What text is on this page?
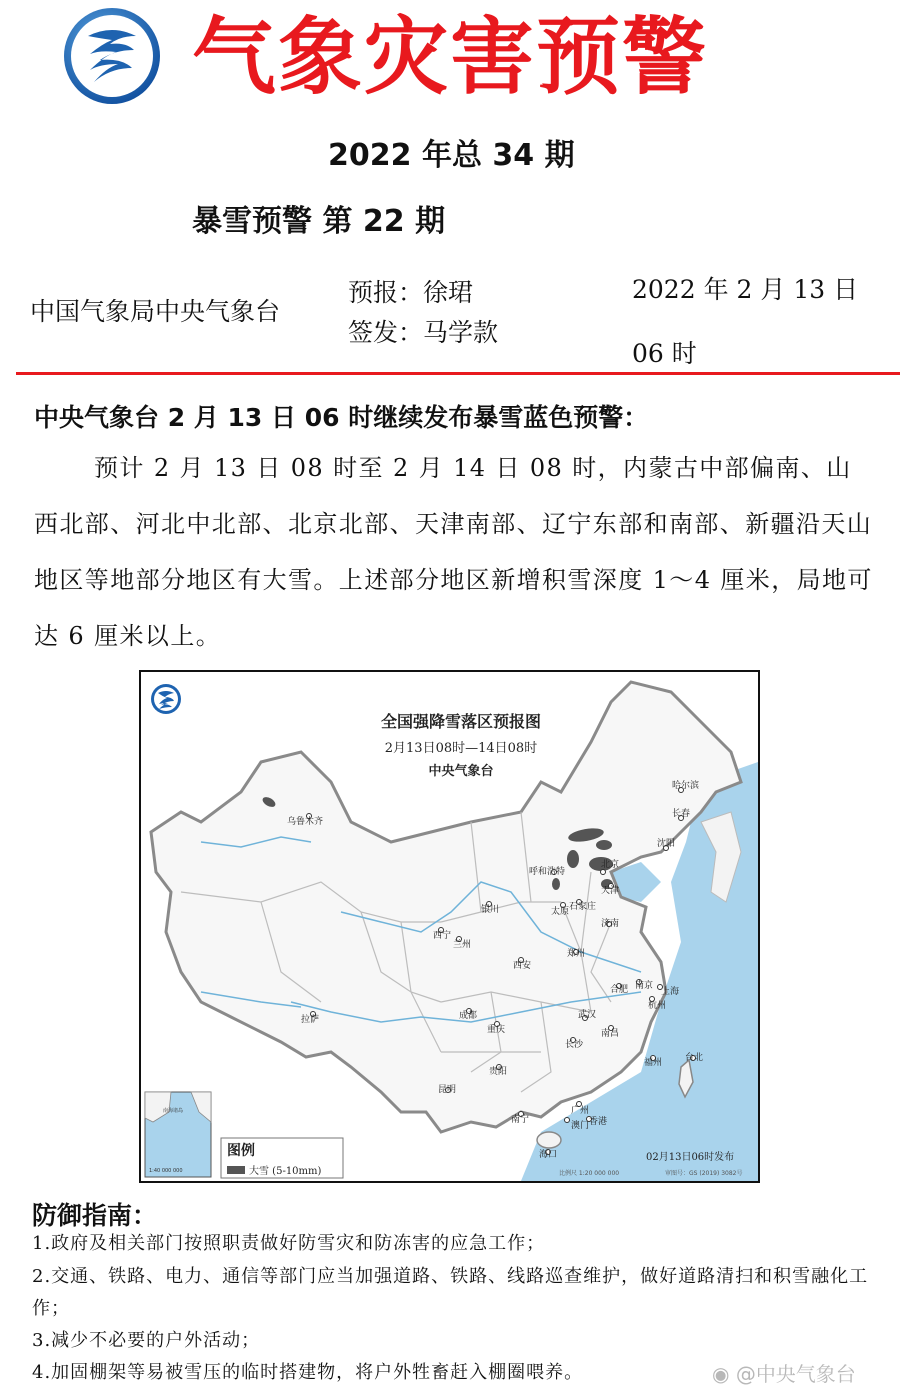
气象灾害预警
2022 年总 34 期
暴雪预警 第 22 期
中国气象局中央气象台
预报：徐珺
签发：马学款
2022 年 2 月 13 日 06 时
中央气象台 2 月 13 日 06 时继续发布暴雪蓝色预警：
预计 2 月 13 日 08 时至 2 月 14 日 08 时，内蒙古中部偏南、山西北部、河北中北部、北京北部、天津南部、辽宁东部和南部、新疆沿天山地区等地部分地区有大雪。上述部分地区新增积雪深度 1～4 厘米，局地可达 6 厘米以上。
乌鲁木齐
哈尔滨
长春
沈阳
呼和浩特
北京
天津
银川	太原 石家庄
济南
西宁
兰州
西安
郑州
合肥 南京
上海
杭州
拉萨	成都
重庆
武汉
南昌
长沙
福州	台北
贵阳
昆明
南宁
广州
澳门 香港
海口
全国强降雪落区预报图
2月13日08时—14日08时
中央气象台
南海诸岛
1:40 000 000
图例
大雪 (5-10mm)
02月13日06时发布
比例尺 1:20 000 000	审图号：GS (2019) 3082号
防御指南：
1.政府及相关部门按照职责做好防雪灾和防冻害的应急工作；
2.交通、铁路、电力、通信等部门应当加强道路、铁路、线路巡查维护，做好道路清扫和积雪融化工作；
3.减少不必要的户外活动；
4.加固棚架等易被雪压的临时搭建物，将户外牲畜赶入棚圈喂养。	◉ @中央气象台
